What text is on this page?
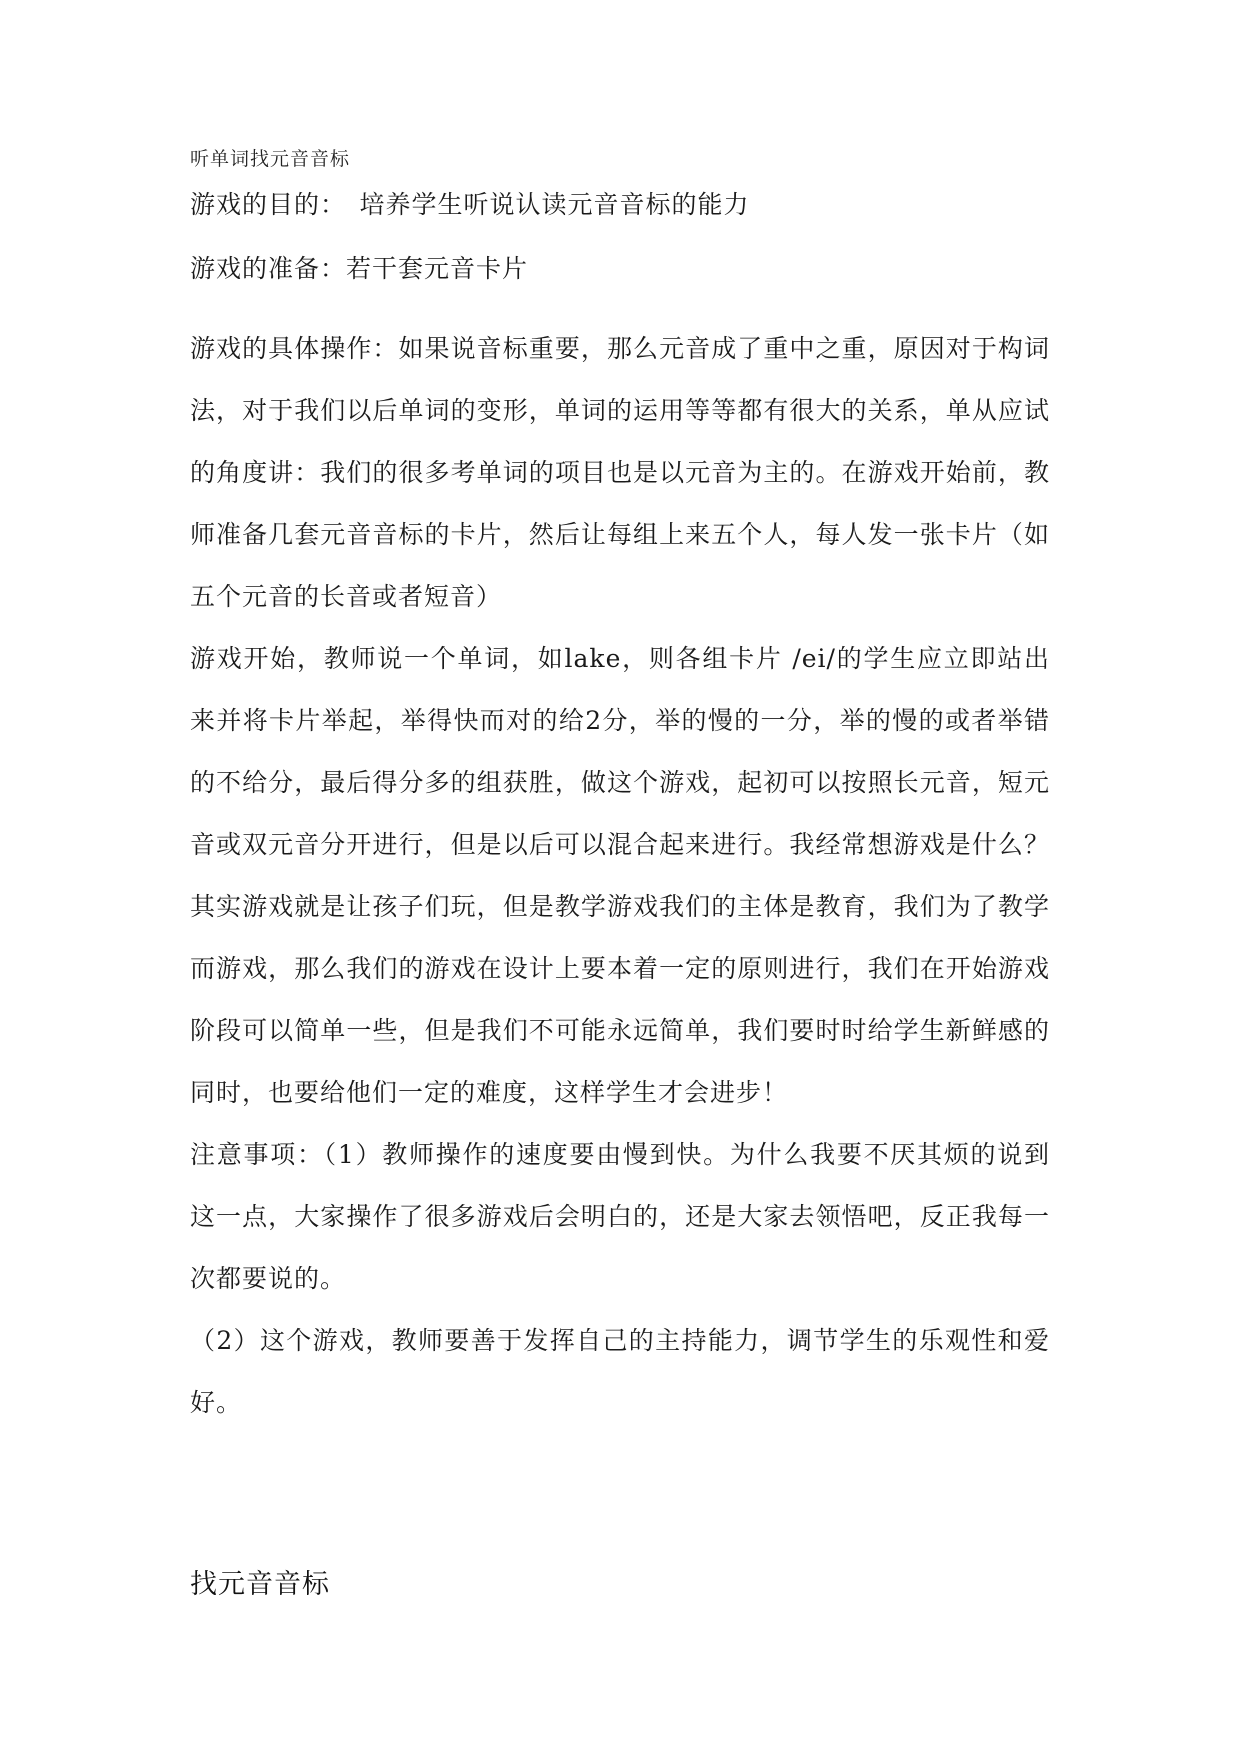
听单词找元音音标
游戏的目的：　培养学生听说认读元音音标的能力
游戏的准备：若干套元音卡片

游戏的具体操作：如果说音标重要，那么元音成了重中之重，原因对于构词法，对于我们以后单词的变形，单词的运用等等都有很大的关系，单从应试的角度讲：我们的很多考单词的项目也是以元音为主的。在游戏开始前，教师准备几套元音音标的卡片，然后让每组上来五个人，每人发一张卡片（如五个元音的长音或者短音）

游戏开始，教师说一个单词，如lake，则各组卡片 /ei/的学生应立即站出来并将卡片举起，举得快而对的给2分，举的慢的一分，举的慢的或者举错的不给分，最后得分多的组获胜，做这个游戏，起初可以按照长元音，短元音或双元音分开进行，但是以后可以混合起来进行。我经常想游戏是什么？其实游戏就是让孩子们玩，但是教学游戏我们的主体是教育，我们为了教学而游戏，那么我们的游戏在设计上要本着一定的原则进行，我们在开始游戏阶段可以简单一些，但是我们不可能永远简单，我们要时时给学生新鲜感的同时，也要给他们一定的难度，这样学生才会进步！

注意事项：（1）教师操作的速度要由慢到快。为什么我要不厌其烦的说到这一点，大家操作了很多游戏后会明白的，还是大家去领悟吧，反正我每一次都要说的。

（2）这个游戏，教师要善于发挥自己的主持能力，调节学生的乐观性和爱好。

找元音音标
